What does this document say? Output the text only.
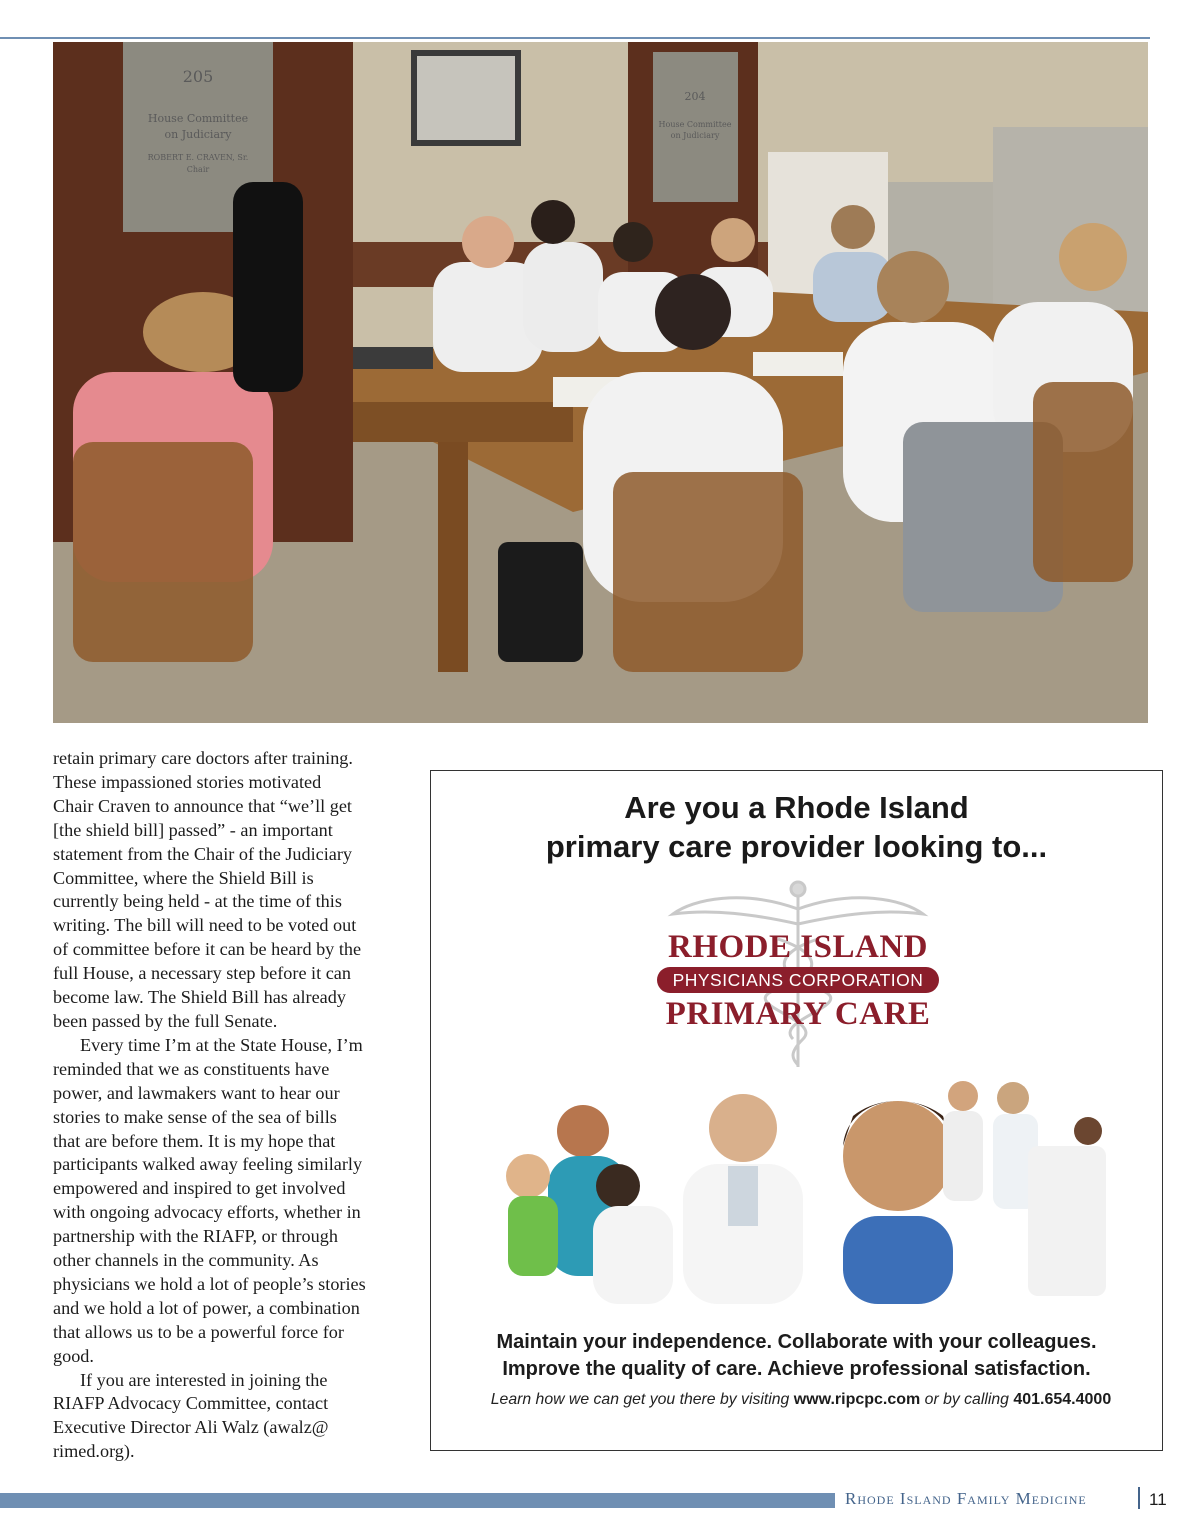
205
House Committee
on Judiciary
ROBERT E. CRAVEN, Sr.
Chair
204
House Committee
on Judiciary

retain primary care doctors after training.
These impassioned stories motivated
Chair Craven to announce that “we’ll get
[the shield bill] passed” - an important
statement from the Chair of the Judiciary
Committee, where the Shield Bill is
currently being held - at the time of this
writing. The bill will need to be voted out
of committee before it can be heard by the
full House, a necessary step before it can
become law. The Shield Bill has already
been passed by the full Senate.

Every time I’m at the State House, I’m
reminded that we as constituents have
power, and lawmakers want to hear our
stories to make sense of the sea of bills
that are before them. It is my hope that
participants walked away feeling similarly
empowered and inspired to get involved
with ongoing advocacy efforts, whether in
partnership with the RIAFP, or through
other channels in the community. As
physicians we hold a lot of people’s stories
and we hold a lot of power, a combination
that allows us to be a powerful force for
good.

If you are interested in joining the
RIAFP Advocacy Committee, contact
Executive Director Ali Walz (awalz@
rimed.org).

Are you a Rhode Island
primary care provider looking to...
RHODE ISLAND
PHYSICIANS CORPORATION
PRIMARY CARE
Maintain your independence. Collaborate with your colleagues.
Improve the quality of care. Achieve professional satisfaction.
Learn how we can get you there by visiting www.ripcpc.com or by calling 401.654.4000
Rhode Island Family Medicine	11
